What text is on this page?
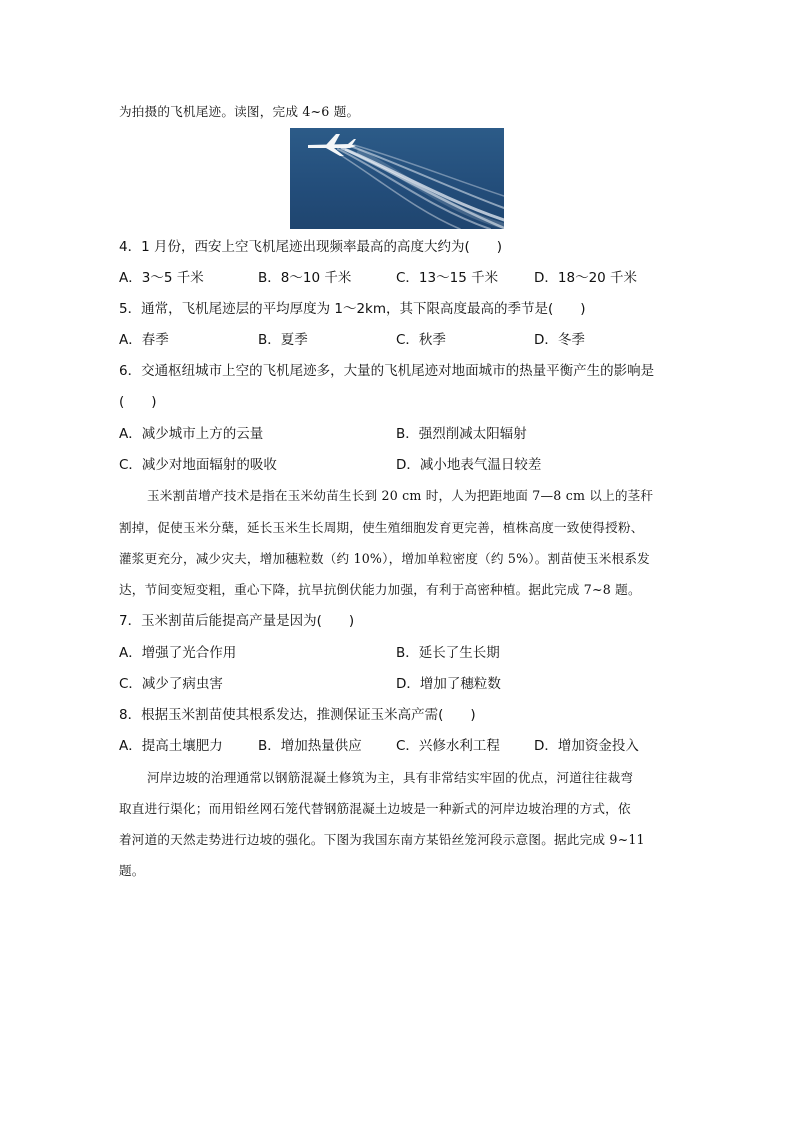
为拍摄的飞机尾迹。读图，完成 4~6 题。
4．1 月份，西安上空飞机尾迹出现频率最高的高度大约为(　　)
A．3～5 千米	B．8～10 千米	C．13～15 千米	D．18～20 千米
5．通常，飞机尾迹层的平均厚度为 1～2km，其下限高度最高的季节是(　　)
A．春季	B．夏季	C．秋季	D．冬季
6．交通枢纽城市上空的飞机尾迹多，大量的飞机尾迹对地面城市的热量平衡产生的影响是
(　　)
A．减少城市上方的云量	B．强烈削减太阳辐射
C．减少对地面辐射的吸收	D．减小地表气温日较差
玉米割苗增产技术是指在玉米幼苗生长到 20 cm 时，人为把距地面 7—8 cm 以上的茎秆
割掉，促使玉米分蘖，延长玉米生长周期，使生殖细胞发育更完善，植株高度一致使得授粉、
灌浆更充分，减少灾夫，增加穗粒数（约 10%），增加单粒密度（约 5%）。割苗使玉米根系发
达，节间变短变粗，重心下降，抗旱抗倒伏能力加强，有利于高密种植。据此完成 7~8 题。
7．玉米割苗后能提高产量是因为(　　)
A．增强了光合作用	B．延长了生长期
C．减少了病虫害	D．增加了穗粒数
8．根据玉米割苗使其根系发达，推测保证玉米高产需(　　)
A．提高土壤肥力	B．增加热量供应	C．兴修水利工程	D．增加资金投入
河岸边坡的治理通常以钢筋混凝土修筑为主，具有非常结实牢固的优点，河道往往裁弯
取直进行渠化；而用铅丝网石笼代替钢筋混凝土边坡是一种新式的河岸边坡治理的方式，依
着河道的天然走势进行边坡的强化。下图为我国东南方某铅丝笼河段示意图。据此完成 9~11
题。
